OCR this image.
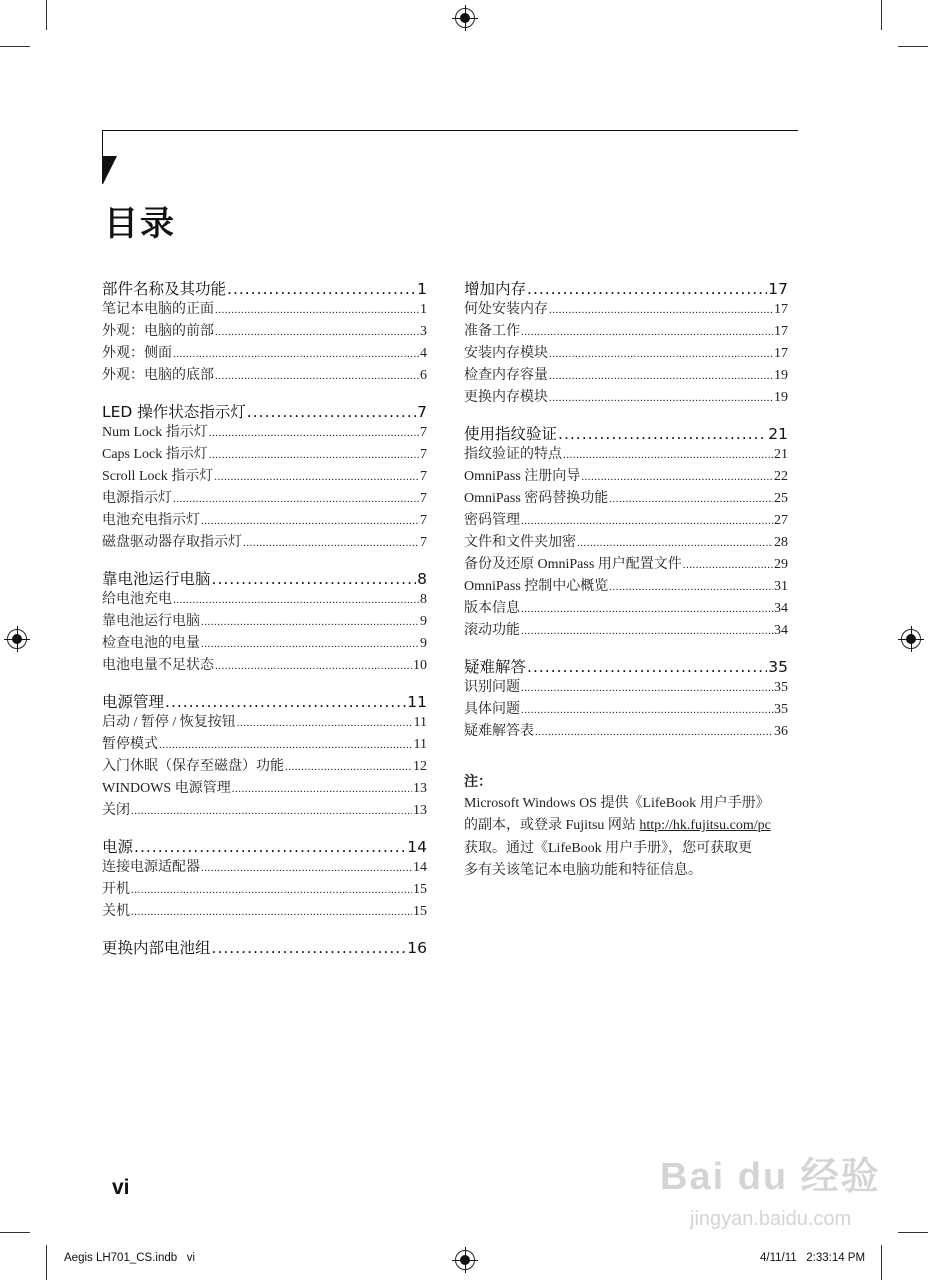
目录
部件名称及其功能 .....	1
笔记本电脑的正面 .....	1
外观：电脑的前部 .....	3
外观：侧面 .....	4
外观：电脑的底部 .....	6
LED 操作状态指示灯 .....	7
Num Lock 指示灯 .....	7
Caps Lock 指示灯 .....	7
Scroll Lock 指示灯 .....	7
电源指示灯 .....	7
电池充电指示灯 .....	7
磁盘驱动器存取指示灯 .....	7
靠电池运行电脑 .....	8
给电池充电 .....	8
靠电池运行电脑 .....	9
检查电池的电量 .....	9
电池电量不足状态 .....	10
电源管理 .....	11
启动 / 暂停 / 恢复按钮 .....	11
暂停模式 .....	11
入门休眠（保存至磁盘）功能 .....	12
WINDOWS 电源管理 .....	13
关闭 .....	13
电源 .....	14
连接电源适配器 .....	14
开机 .....	15
关机 .....	15
更换内部电池组 .....	16
增加内存 .....	17
何处安装内存 .....	17
准备工作 .....	17
安装内存模块 .....	17
检查内存容量 .....	19
更换内存模块 .....	19
使用指纹验证 .....	21
指纹验证的特点 .....	21
OmniPass 注册向导 .....	22
OmniPass 密码替换功能 .....	25
密码管理 .....	27
文件和文件夹加密 .....	28
备份及还原 OmniPass 用户配置文件 .....	29
OmniPass 控制中心概览 .....	31
版本信息 .....	34
滚动功能 .....	34
疑难解答 .....	35
识别问题 .....	35
具体问题 .....	35
疑难解答表 .....	36
注：
Microsoft Windows OS 提供《LifeBook 用户手册》
的副本，或登录 Fujitsu 网站 http://hk.fujitsu.com/pc
获取。通过《LifeBook 用户手册》，您可获取更
多有关该笔记本电脑功能和特征信息。
vi	Bai du 经验
jingyan.baidu.com
Aegis LH701_CS.indb   vi	4/11/11   2:33:14 PM
